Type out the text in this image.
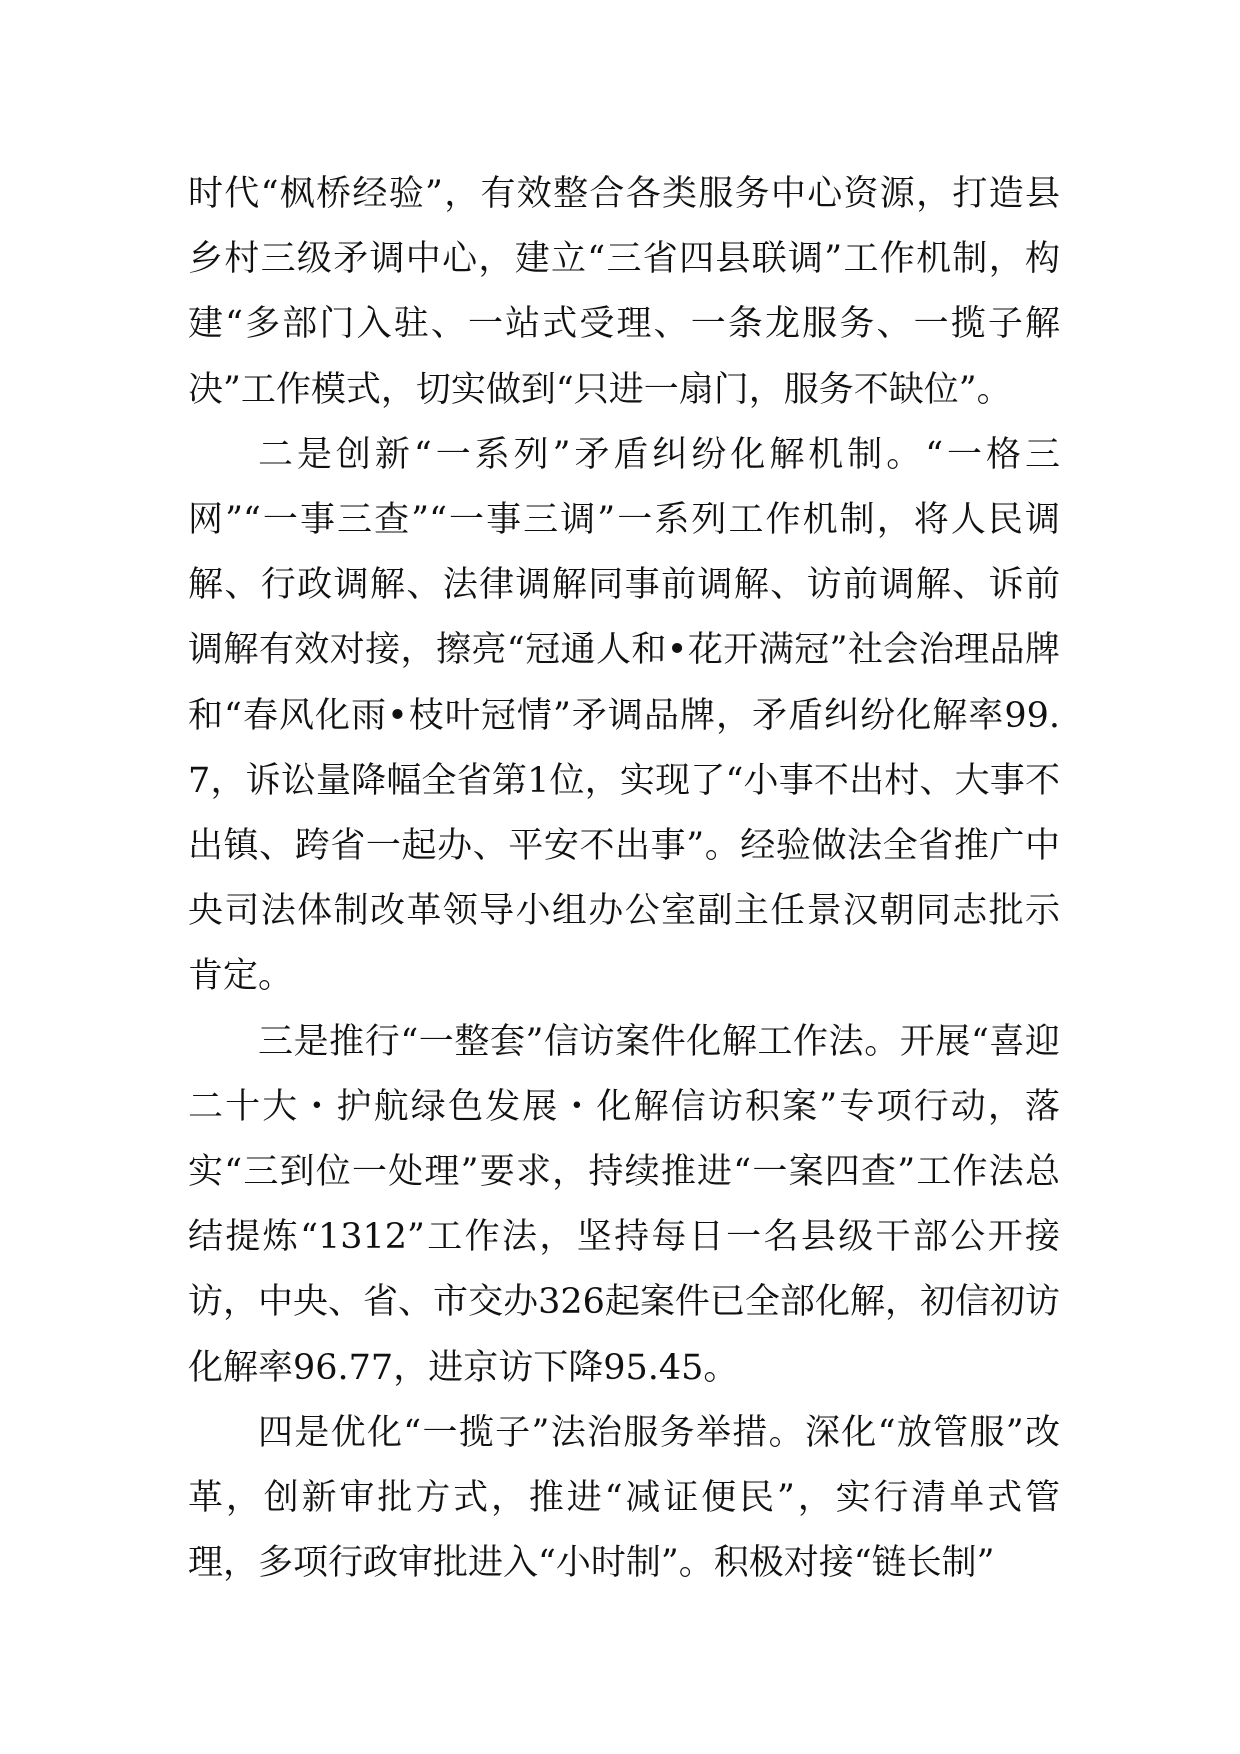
时代“枫桥经验”，有效整合各类服务中心资源，打造县乡村三级矛调中心，建立“三省四县联调”工作机制，构建“多部门入驻、一站式受理、一条龙服务、一揽子解决”工作模式，切实做到“只进一扇门，服务不缺位”。

二是创新“一系列”矛盾纠纷化解机制。“一格三网”“一事三查”“一事三调”一系列工作机制，将人民调解、行政调解、法律调解同事前调解、访前调解、诉前调解有效对接，擦亮“冠通人和•花开满冠”社会治理品牌和“春风化雨•枝叶冠情”矛调品牌，矛盾纠纷化解率99.7，诉讼量降幅全省第1位，实现了“小事不出村、大事不出镇、跨省一起办、平安不出事”。经验做法全省推广中央司法体制改革领导小组办公室副主任景汉朝同志批示肯定。

三是推行“一整套”信访案件化解工作法。开展“喜迎二十大・护航绿色发展・化解信访积案”专项行动，落实“三到位一处理”要求，持续推进“一案四查”工作法总结提炼“1312”工作法，坚持每日一名县级干部公开接访，中央、省、市交办326起案件已全部化解，初信初访化解率96.77，进京访下降95.45。

四是优化“一揽子”法治服务举措。深化“放管服”改革，创新审批方式，推进“减证便民”，实行清单式管理，多项行政审批进入“小时制”。积极对接“链长制”
